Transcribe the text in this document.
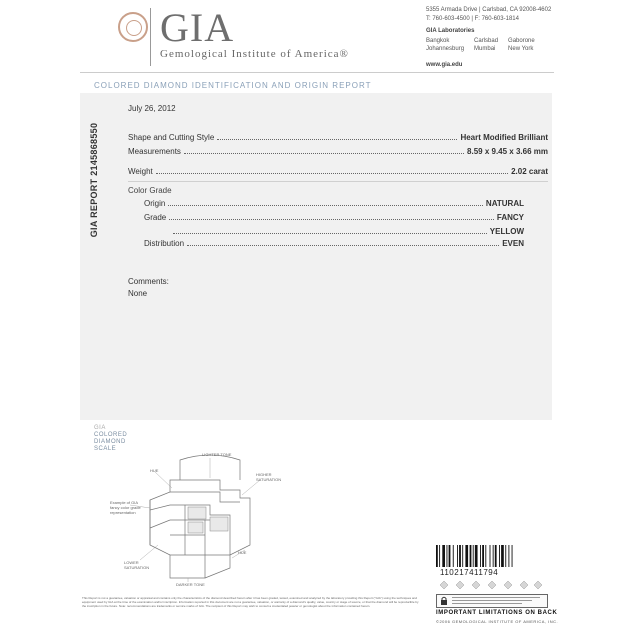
GIA
Gemological Institute of America®
5355 Armada Drive | Carlsbad, CA 92008-4602
T: 760-603-4500 | F: 760-603-1814
GIA Laboratories
Bangkok	Carlsbad	Gaborone
Johannesburg	Mumbai	New York
www.gia.edu
COLORED DIAMOND IDENTIFICATION AND ORIGIN REPORT
GIA REPORT 2145868550
July 26, 2012
Shape and Cutting Style	Heart Modified Brilliant
Measurements	8.59 x 9.45 x 3.66 mm
Weight	2.02 carat
Color Grade
Origin	NATURAL
Grade	FANCY
YELLOW
Distribution	EVEN
Comments:
None
GIA
COLORED
DIAMOND
SCALE
LIGHTER TONE
HIGHER SATURATION
HUE
Example of GIA fancy color grade representation
LOWER SATURATION
DARKER TONE
HUE
This Report is not a guarantee, valuation or appraisal and contains only the characteristics of the diamond described herein after it has been graded, tested, examined and analyzed by the laboratory providing this Report ("GIA") using the techniques and equipment used by GIA at the time of the examination and/or inscription. Information reported in this document are not a guarantee, valuation, or warranty of a diamond's quality, value, country or stage of source, or that the diamond will be reproducible by the inscription in the future. Note: recommendations are trademarks or service marks of GIA. The recipient of this Report may wish to consult a credentialed jeweler or gemologist about the information contained herein.
110217411794
IMPORTANT LIMITATIONS ON BACK
©2006 GEMOLOGICAL INSTITUTE OF AMERICA, INC.
